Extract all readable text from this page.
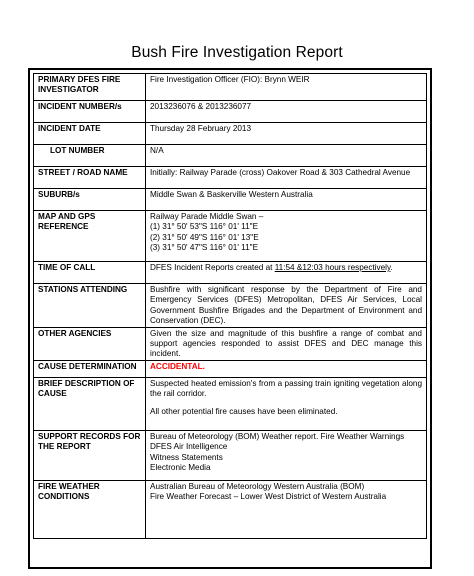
Bush Fire Investigation Report
PRIMARY DFES FIRE INVESTIGATOR	Fire Investigation Officer (FIO): Brynn WEIR
INCIDENT NUMBER/s	2013236076 & 2013236077
INCIDENT DATE	Thursday 28 February 2013
LOT NUMBER	N/A
STREET / ROAD NAME	Initially: Railway Parade (cross) Oakover Road & 303 Cathedral Avenue
SUBURB/s	Middle Swan & Baskerville Western Australia
MAP AND GPS REFERENCE	Railway Parade Middle Swan –
(1) 31° 50' 53"S 116° 01' 11"E
(2) 31° 50' 49"S 116° 01' 13"E
(3) 31° 50' 47"S 116° 01' 11"E

TIME OF CALL	DFES Incident Reports created at 11:54 &12:03 hours respectively.
STATIONS ATTENDING	Bushfire with significant response by the Department of Fire and Emergency Services (DFES) Metropolitan, DFES Air Services, Local Government Bushfire Brigades and the Department of Environment and Conservation (DEC).
OTHER AGENCIES	Given the size and magnitude of this bushfire a range of combat and support agencies responded to assist DFES and DEC manage this incident.
CAUSE DETERMINATION	ACCIDENTAL.
BRIEF DESCRIPTION OF CAUSE	Suspected heated emission's from a passing train igniting vegetation along the rail corridor.
All other potential fire causes have been eliminated.

SUPPORT RECORDS FOR THE REPORT	Bureau of Meteorology (BOM) Weather report. Fire Weather Warnings
DFES Air Intelligence
Witness Statements
Electronic Media

FIRE WEATHER CONDITIONS	Australian Bureau of Meteorology Western Australia (BOM)
Fire Weather Forecast – Lower West District of Western Australia
